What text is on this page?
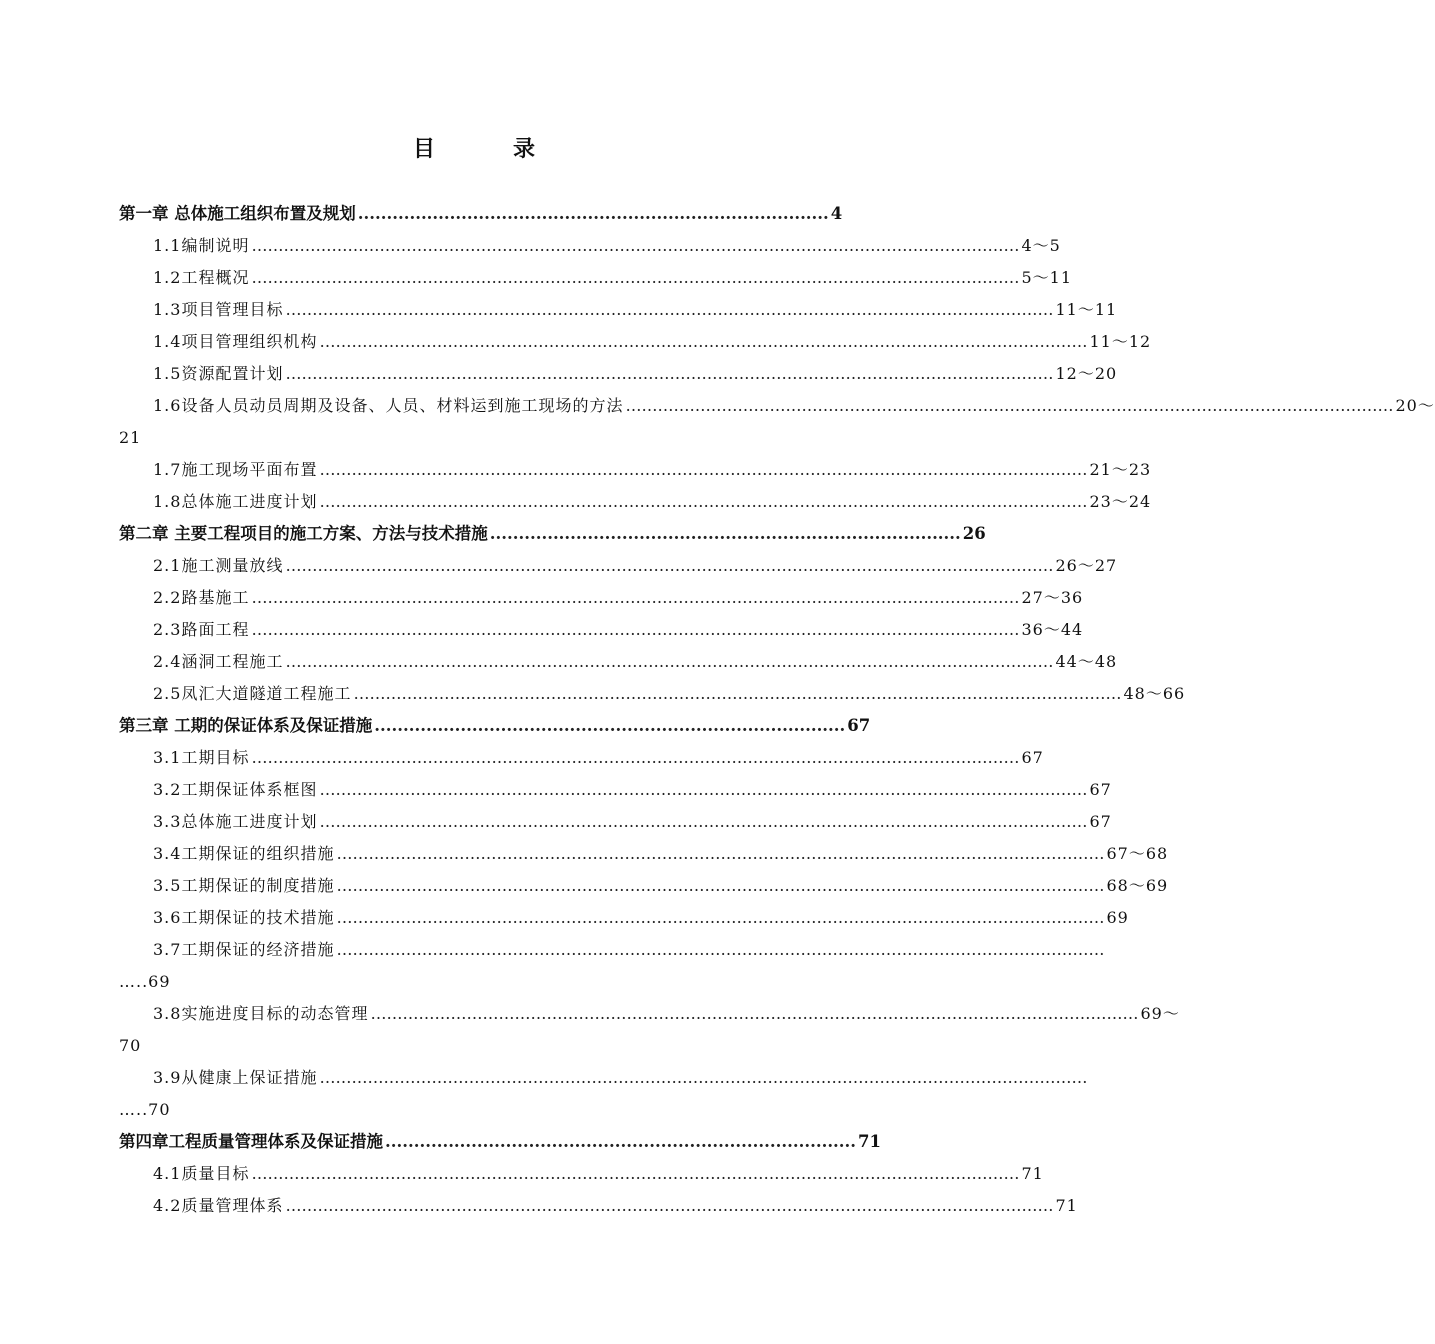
目	录
第一章 总体施工组织布置及规划 .................................................................................. 4
1.1编制说明 ……………………………………………………………………………………………………………………………… 4～5
1.2工程概况 ……………………………………………………………………………………………………………………………… 5～11
1.3项目管理目标 ……………………………………………………………………………………………………………………………… 11～11
1.4项目管理组织机构 ……………………………………………………………………………………………………………………………… 11～12
1.5资源配置计划 ……………………………………………………………………………………………………………………………… 12～20
1.6设备人员动员周期及设备、人员、材料运到施工现场的方法 ……………………………………………………………………………………………………………………………… 20～
21
1.7施工现场平面布置 ……………………………………………………………………………………………………………………………… 21～23
1.8总体施工进度计划 ……………………………………………………………………………………………………………………………… 23～24
第二章 主要工程项目的施工方案、方法与技术措施 .................................................................................. 26
2.1施工测量放线 ……………………………………………………………………………………………………………………………… 26～27
2.2路基施工 ……………………………………………………………………………………………………………………………… 27～36
2.3路面工程 ……………………………………………………………………………………………………………………………… 36～44
2.4涵洞工程施工 ……………………………………………………………………………………………………………………………… 44～48
2.5凤汇大道隧道工程施工 ……………………………………………………………………………………………………………………………… 48～66
第三章 工期的保证体系及保证措施 .................................................................................. 67
3.1工期目标 ……………………………………………………………………………………………………………………………… 67
3.2工期保证体系框图 ……………………………………………………………………………………………………………………………… 67
3.3总体施工进度计划 ……………………………………………………………………………………………………………………………… 67
3.4工期保证的组织措施 ……………………………………………………………………………………………………………………………… 67～68
3.5工期保证的制度措施 ……………………………………………………………………………………………………………………………… 68～69
3.6工期保证的技术措施 ……………………………………………………………………………………………………………………………… 69
3.7工期保证的经济措施 ………………………………………………………………………………………………………………………………
…..69
3.8实施进度目标的动态管理 ……………………………………………………………………………………………………………………………… 69～
70
3.9从健康上保证措施 ………………………………………………………………………………………………………………………………
…..70
第四章工程质量管理体系及保证措施 .................................................................................. 71
4.1质量目标 ……………………………………………………………………………………………………………………………… 71
4.2质量管理体系 ……………………………………………………………………………………………………………………………… 71
